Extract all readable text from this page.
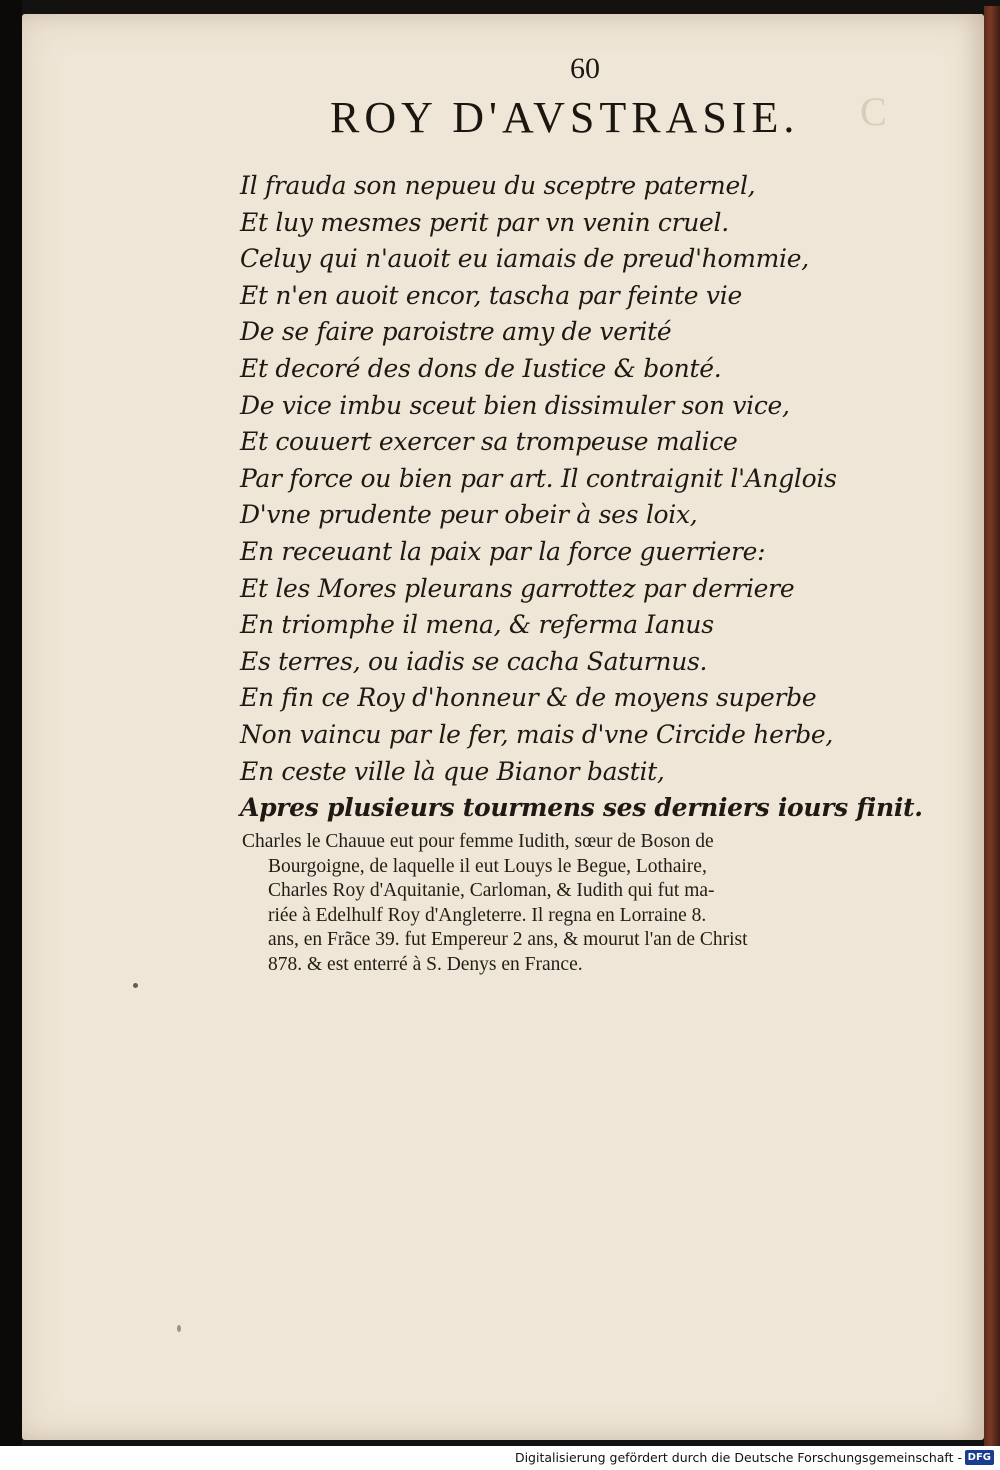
C
60
ROY D'AVSTRASIE.
Il frauda son nepueu du sceptre paternel,
Et luy mesmes perit par vn venin cruel.
Celuy qui n'auoit eu iamais de preud'hommie,
Et n'en auoit encor, tascha par feinte vie
De se faire paroistre amy de verité
Et decoré des dons de Iustice & bonté.
De vice imbu sceut bien dissimuler son vice,
Et couuert exercer sa trompeuse malice
Par force ou bien par art. Il contraignit l'Anglois
D'vne prudente peur obeir à ses loix,
En receuant la paix par la force guerriere:
Et les Mores pleurans garrottez par derriere
En triomphe il mena, & referma Ianus
Es terres, ou iadis se cacha Saturnus.
En fin ce Roy d'honneur & de moyens superbe
Non vaincu par le fer, mais d'vne Circide herbe,
En ceste ville là que Bianor bastit,
Apres plusieurs tourmens ses derniers iours finit.
Charles le Chauue eut pour femme Iudith, sœur de Boson de
Bourgoigne, de laquelle il eut Louys le Begue, Lothaire,
Charles Roy d'Aquitanie, Carloman, & Iudith qui fut ma-
riée à Edelhulf Roy d'Angleterre. Il regna en Lorraine 8.
ans, en Frãce 39. fut Empereur 2 ans, & mourut l'an de Christ
878. & est enterré à S. Denys en France.
Digitalisierung gefördert durch die Deutsche Forschungsgemeinschaft - DFG
